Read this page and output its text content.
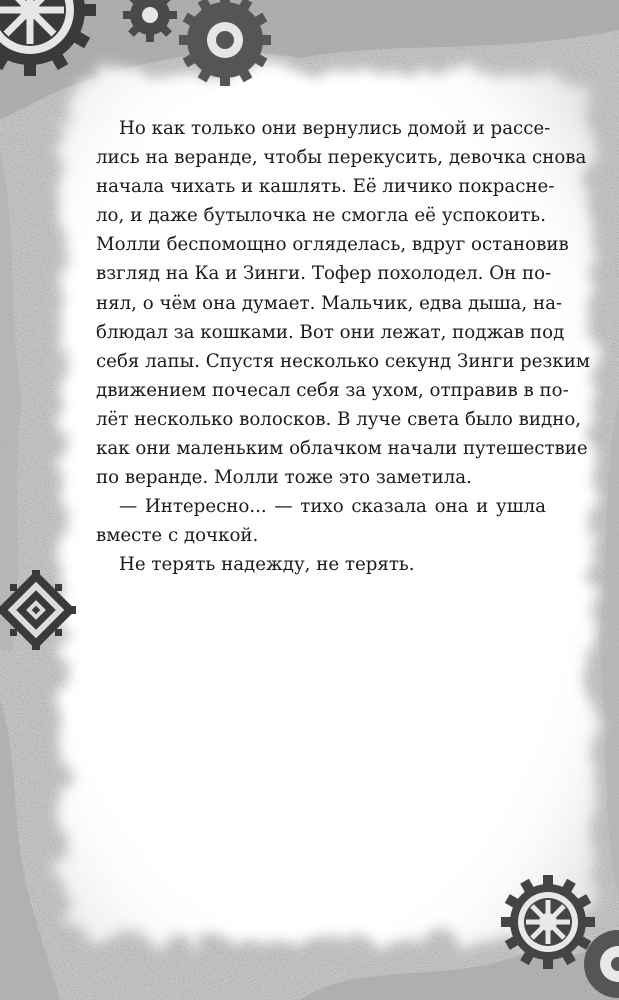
Но как только они вернулись домой и рассе-
лись на веранде, чтобы перекусить, девочка снова
начала чихать и кашлять. Её личико покрасне-
ло, и даже бутылочка не смогла её успокоить.
Молли беспомощно огляделась, вдруг остановив
взгляд на Ка и Зинги. Тофер похолодел. Он по-
нял, о чём она думает. Мальчик, едва дыша, на-
блюдал за кошками. Вот они лежат, поджав под
себя лапы. Спустя несколько секунд Зинги резким
движением почесал себя за ухом, отправив в по-
лёт несколько волосков. В луче света было видно,
как они маленьким облачком начали путешествие
по веранде. Молли тоже это заметила.
— Интересно... — тихо сказала она и ушла
вместе с дочкой.
Не терять надежду, не терять.
